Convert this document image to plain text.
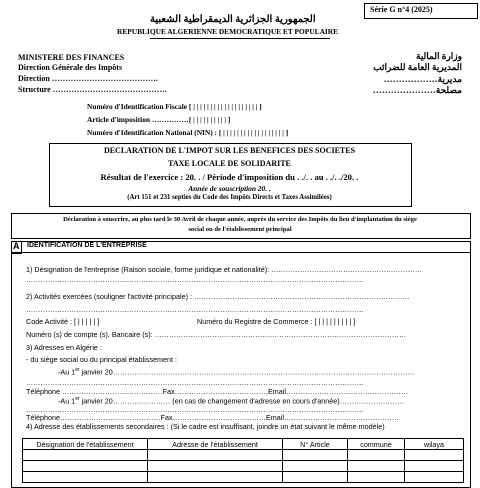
Série G n°4 (2025)
الجمهورية الجزائرية الديمقراطية الشعبية
REPUBLIQUE ALGERIENNE DEMOCRATIQUE ET POPULAIRE
MINISTERE DES FINANCES
Direction Générale des Impôts
Direction ………………………………….
Structure …………………………………….
وزارة المالية
المديرية العامة للضرائب
مديرية………………
مصلحة…………………
Numéro d'Identification Fiscale [ | | | | | | | | | | | | | | | | | | | ]
Article d'imposition ……………[ | | | | | | | | | | ]
Numéro d'Identification National (NIN) : [ | | | | | | | | | | | | | | | | | | ]
DECLARATION DE L'IMPOT SUR LES BENEFICES DES SOCIETES
TAXE LOCALE DE SOLIDARITE
Résultat de l'exercice : 20. . / Période d'imposition du . ./. . au . ./. ./20. .
Année de souscription 20. .
(Art 151 et 231 septies du Code des Impôts Directs et Taxes Assimilées)
Déclaration à souscrire, au plus tard le 30 Avril de chaque année, auprès du service des Impôts du lieu d'implantation du siège
social ou de l'établissement principal
A IDENTIFICATION DE L'ENTREPRISE
1) Désignation de l'entreprise (Raison sociale, forme juridique et nationalité): ………………………………………………………
……………………………………………………………………………………………………………………………
2) Activités exercées (souligner l'activité principale) : ………………………………………………………………………………
……………………………………………………………………………………………………………………………
Code Activité : [ | | | | | ]	Numéro du Registre de Commerce : [ | | | | | | | | | ]
Numéro (s) de compte (s), Bancaire (s): ……………………………………………………………………………………………
3) Adresses en Algérie :
- du siège social ou du principal établissement :
-Au 1er janvier 20………………………………………………………………………………………………………………
……………………………………………………………………………………………………………………………
Téléphone ……………………………………Fax…………………………………Email……………………………………………
-Au 1er janvier 20…………………… (en cas de changement d'adresse en cours d'année)………………………
……………………………………………………………………………………………………………………………
Téléphone……………………………………Fax…………………………………Email…………………………………………
4) Adresse des établissements secondaires : (Si le cadre est insuffisant, joindre un état suivant le même modèle)
Désignation de l'établissement	Adresse de l'établissement	N° Article	commune	wilaya
